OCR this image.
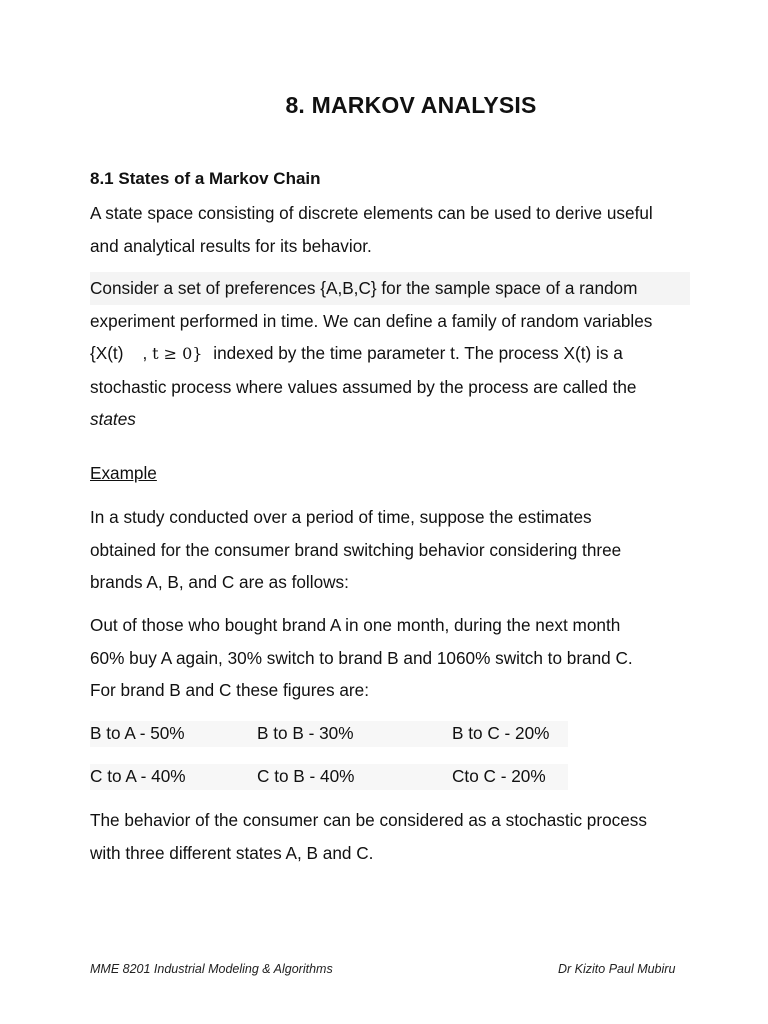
8. MARKOV ANALYSIS
8.1 States of a Markov Chain
A state space consisting of discrete elements can be used to derive useful
and analytical results for its behavior.
Consider a set of preferences {A,B,C} for the sample space of a random
experiment performed in time. We can define a family of random variables
{X(t)    , t ≥ 0} indexed by the time parameter t. The process X(t) is a
stochastic process where values assumed by the process are called the
states
Example
In a study conducted over a period of time, suppose the estimates
obtained for the consumer brand switching behavior considering three
brands A, B, and C are as follows:
Out of those who bought brand A in one month, during the next month
60% buy A again, 30% switch to brand B and 1060% switch to brand C.
For brand B and C these figures are:
B to A - 50%	B to B - 30%	B to C - 20%
C to A - 40%	C to B - 40%	Cto C - 20%
The behavior of the consumer can be considered as a stochastic process
with three different states A, B and C.
MME 8201 Industrial Modeling & Algorithms	Dr Kizito Paul Mubiru
